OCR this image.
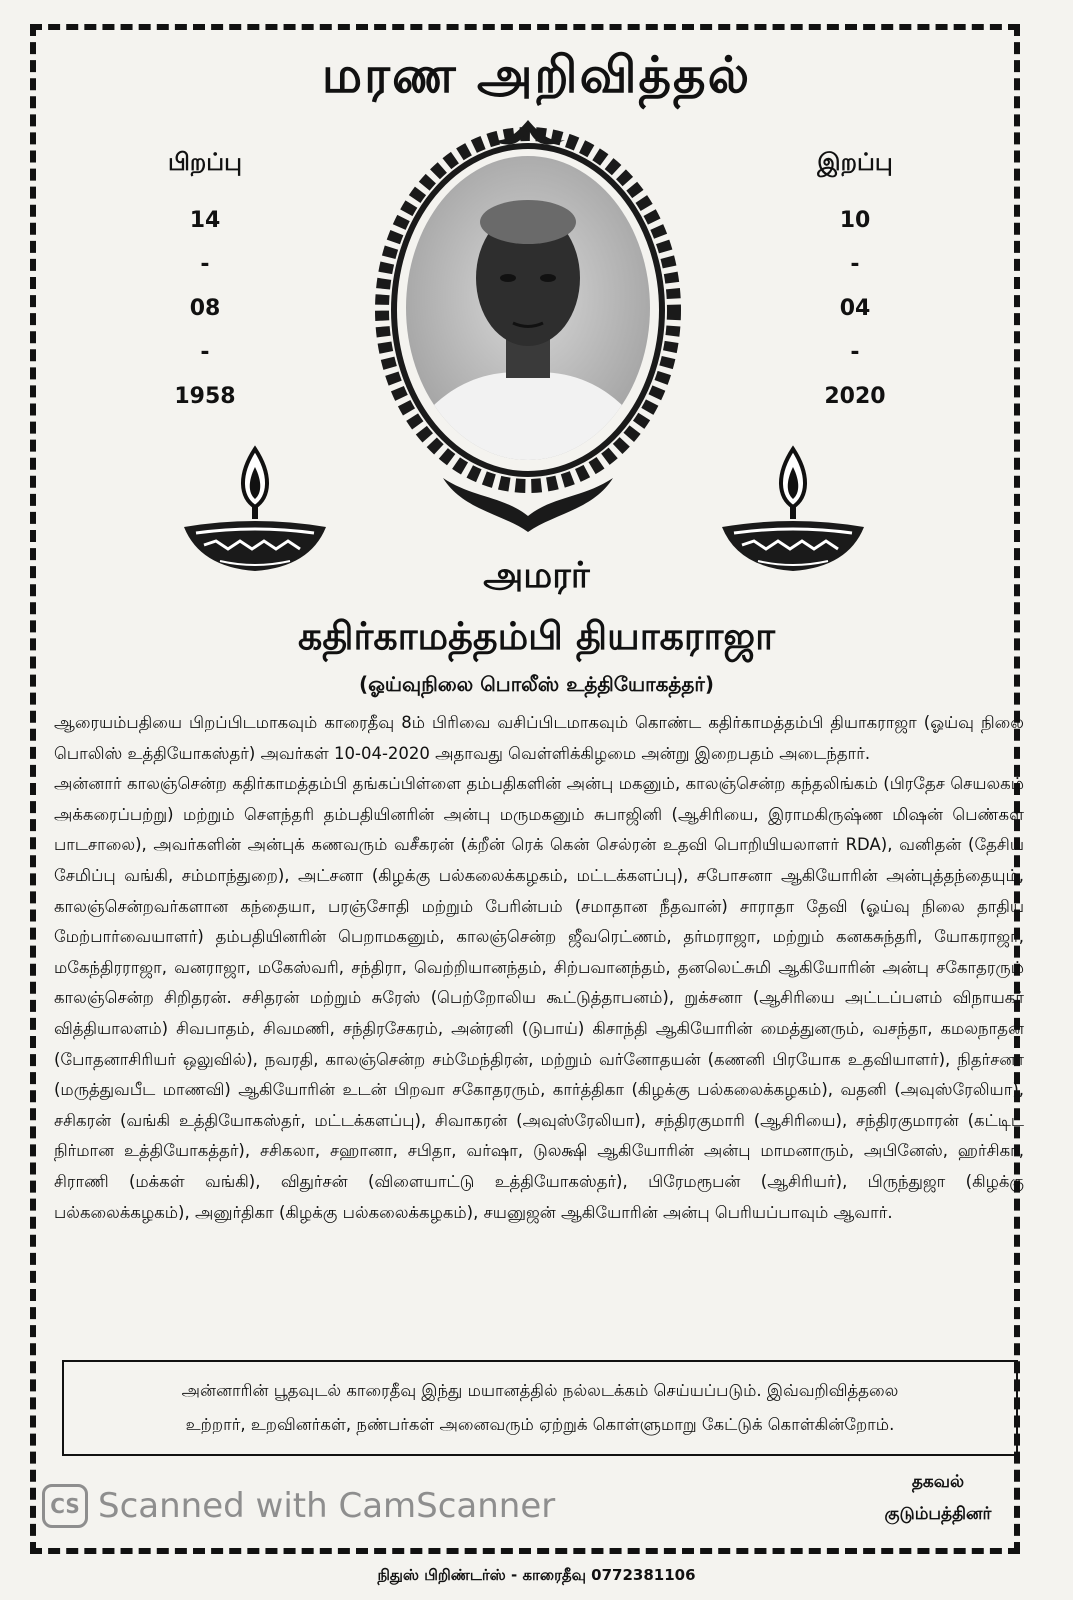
மரண அறிவித்தல்
பிறப்பு
14
-
08
-
1958
இறப்பு
10
-
04
-
2020
அமரர்
கதிர்காமத்தம்பி தியாகராஜா
(ஓய்வுநிலை பொலீஸ் உத்தியோகத்தர்)

ஆரையம்பதியை பிறப்பிடமாகவும் காரைதீவு 8ம் பிரிவை வசிப்பிடமாகவும் கொண்ட கதிர்காமத்தம்பி தியாகராஜா (ஓய்வு நிலை பொலிஸ் உத்தியோகஸ்தர்) அவர்கள் 10-04-2020 அதாவது வெள்ளிக்கிழமை அன்று இறைபதம் அடைந்தார்.

அன்னார் காலஞ்சென்ற கதிர்காமத்தம்பி தங்கப்பிள்ளை தம்பதிகளின் அன்பு மகனும், காலஞ்சென்ற கந்தலிங்கம் (பிரதேச செயலகம் அக்கரைப்பற்று) மற்றும் சௌந்தரி தம்பதியினரின் அன்பு மருமகனும் சுபாஜினி (ஆசிரியை, இராமகிருஷ்ண மிஷன் பெண்கள் பாடசாலை), அவர்களின் அன்புக் கணவரும் வசீகரன் (க்றீன் ரெக் கென் செல்ரன் உதவி பொறியியலாளர் RDA), வனிதன் (தேசிய சேமிப்பு வங்கி, சம்மாந்துறை), அட்சனா (கிழக்கு பல்கலைக்கழகம், மட்டக்களப்பு), சபோசனா ஆகியோரின் அன்புத்தந்தையும், காலஞ்சென்றவர்களான கந்தையா, பரஞ்சோதி மற்றும் பேரின்பம் (சமாதான நீதவான்) சாராதா தேவி (ஓய்வு நிலை தாதிய மேற்பார்வையாளர்) தம்பதியினரின் பெறாமகனும், காலஞ்சென்ற ஜீவரெட்ணம், தர்மராஜா, மற்றும் கனகசுந்தரி, யோகராஜா, மகேந்திரராஜா, வனராஜா, மகேஸ்வரி, சந்திரா, வெற்றியானந்தம், சிற்பவானந்தம், தனலெட்சுமி ஆகியோரின் அன்பு சகோதரரும் காலஞ்சென்ற சிறிதரன். சசிதரன் மற்றும் சுரேஸ் (பெற்றோலிய கூட்டுத்தாபனம்), றுக்சனா (ஆசிரியை அட்டப்பளம் விநாயகர் வித்தியாலளம்) சிவபாதம், சிவமணி, சந்திரசேகரம், அன்ரனி (டுபாய்) கிசாந்தி ஆகியோரின் மைத்துனரும், வசந்தா, கமலநாதன் (போதனாசிரியர் ஒலுவில்), நவரதி, காலஞ்சென்ற சம்மேந்திரன், மற்றும் வர்னோதயன் (கணனி பிரயோக உதவியாளர்), நிதர்சனா (மருத்துவபீட மாணவி) ஆகியோரின் உடன் பிறவா சகோதரரும், கார்த்திகா (கிழக்கு பல்கலைக்கழகம்), வதனி (அவுஸ்ரேலியா), சசிகரன் (வங்கி உத்தியோகஸ்தர், மட்டக்களப்பு), சிவாகரன் (அவுஸ்ரேலியா), சந்திரகுமாரி (ஆசிரியை), சந்திரகுமாரன் (கட்டிட நிர்மான உத்தியோகத்தர்), சசிகலா, சஹானா, சபிதா, வர்ஷா, டுலக்ஷி ஆகியோரின் அன்பு மாமனாரும், அபினேஸ், ஹர்சிகா, சிராணி (மக்கள் வங்கி), விதுர்சன் (விளையாட்டு உத்தியோகஸ்தர்), பிரேமரூபன் (ஆசிரியர்), பிருந்துஜா (கிழக்கு பல்கலைக்கழகம்), அனுர்திகா (கிழக்கு பல்கலைக்கழகம்), சயனுஜன் ஆகியோரின் அன்பு பெரியப்பாவும் ஆவார்.

அன்னாரின் பூதவுடல் காரைதீவு இந்து மயானத்தில் நல்லடக்கம் செய்யப்படும். இவ்வறிவித்தலை
உற்றார், உறவினர்கள், நண்பர்கள் அனைவரும் ஏற்றுக் கொள்ளுமாறு கேட்டுக் கொள்கின்றோம்.
தகவல்
குடும்பத்தினர்
CS Scanned with CamScanner
நிதுஸ் பிறிண்டர்ஸ் - காரைதீவு 0772381106
